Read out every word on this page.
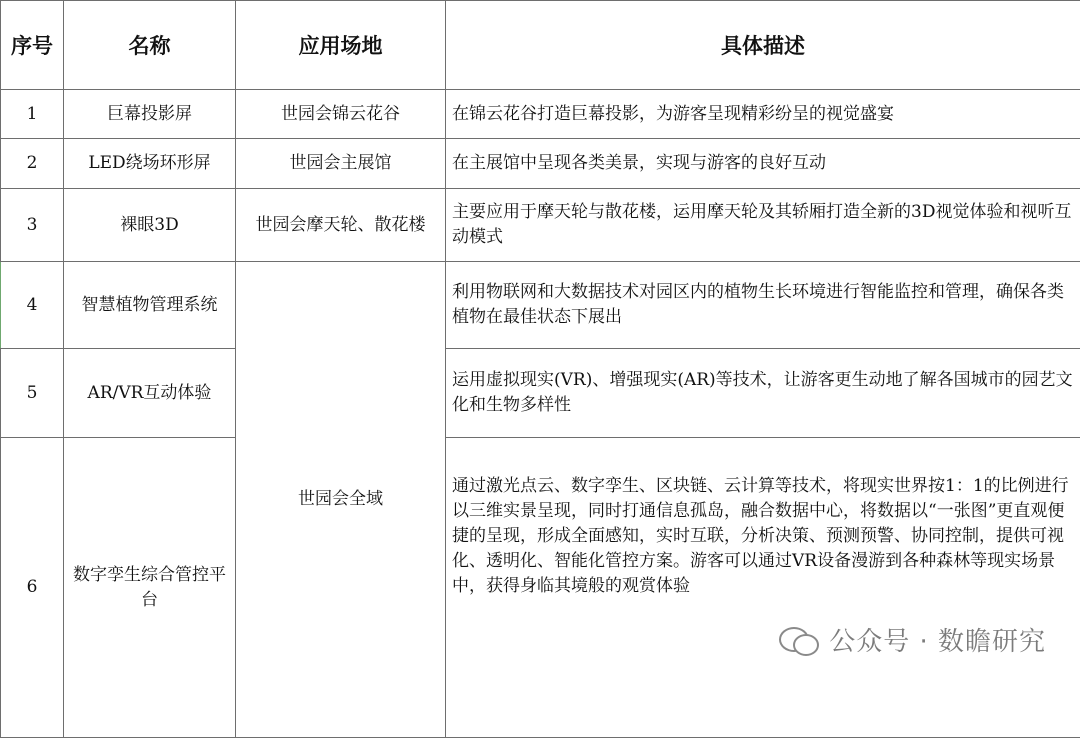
序号	名称	应用场地	具体描述
1	巨幕投影屏	世园会锦云花谷	在锦云花谷打造巨幕投影，为游客呈现精彩纷呈的视觉盛宴
2	LED绕场环形屏	世园会主展馆	在主展馆中呈现各类美景，实现与游客的良好互动
3	裸眼3D	世园会摩天轮、散花楼	主要应用于摩天轮与散花楼，运用摩天轮及其轿厢打造全新的3D视觉体验和视听互动模式
4	智慧植物管理系统	世园会全域	利用物联网和大数据技术对园区内的植物生长环境进行智能监控和管理，确保各类植物在最佳状态下展出
5	AR/VR互动体验		运用虚拟现实(VR)、增强现实(AR)等技术，让游客更生动地了解各国城市的园艺文化和生物多样性
6	数字孪生综合管控平台		通过激光点云、数字孪生、区块链、云计算等技术，将现实世界按1：1的比例进行以三维实景呈现，同时打通信息孤岛，融合数据中心，将数据以“一张图”更直观便捷的呈现，形成全面感知，实时互联，分析决策、预测预警、协同控制，提供可视化、透明化、智能化管控方案。游客可以通过VR设备漫游到各种森林等现实场景中，获得身临其境般的观赏体验
公众号 · 数瞻研究
